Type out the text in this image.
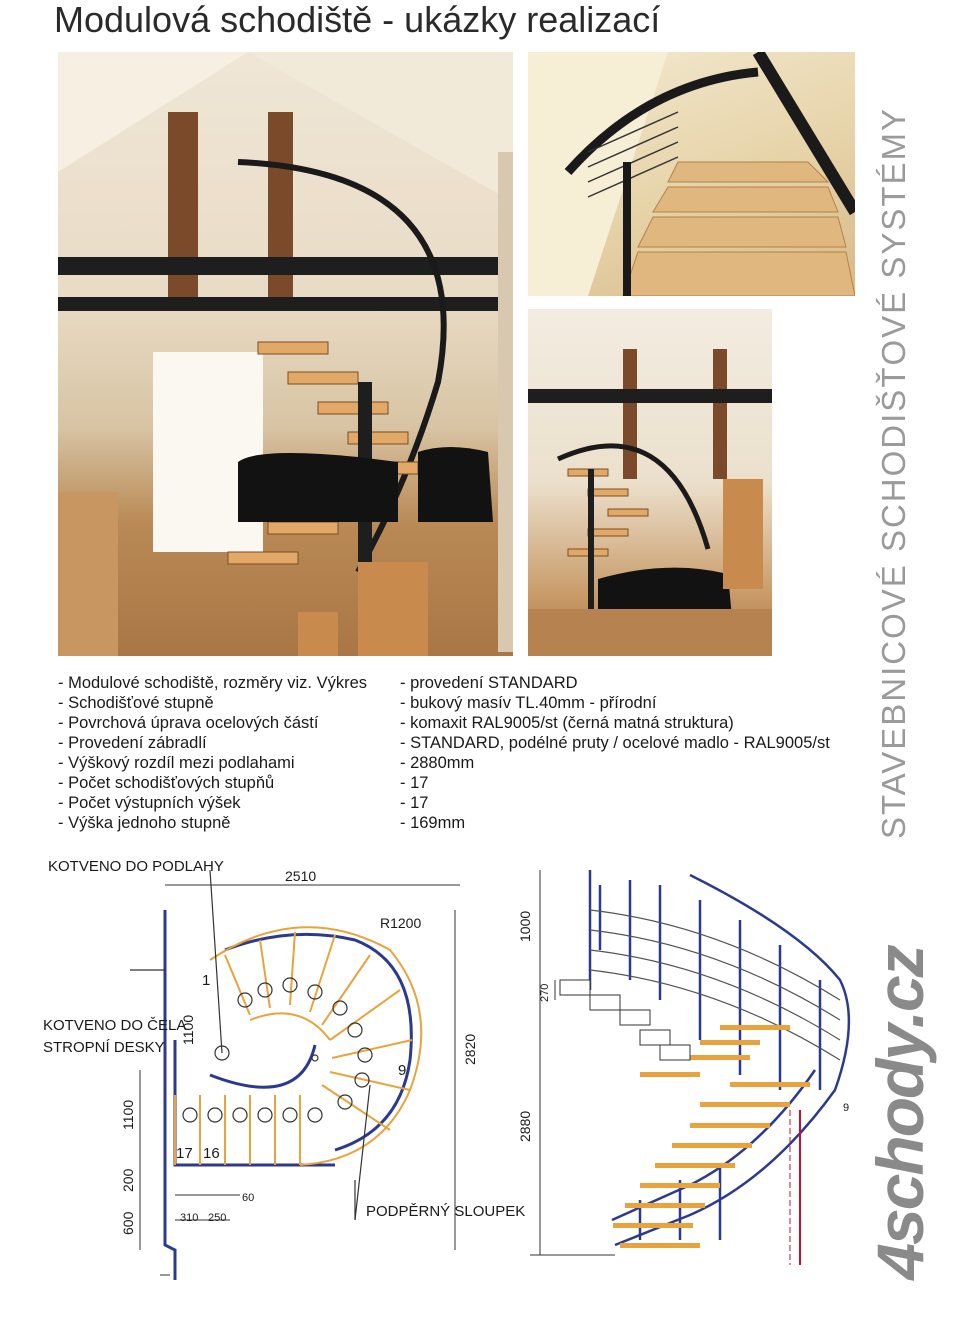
Modulová schodiště - ukázky realizací
STAVEBNICOVÉ SCHODIŠŤOVÉ SYSTÉMY
4schody.cz
- Modulové schodiště, rozměry viz. Výkres - provedení STANDARD
- Schodišťové stupně	- bukový masív TL.40mm - přírodní
- Povrchová úprava ocelových částí	- komaxit RAL9005/st (černá matná struktura)
- Provedení zábradlí	- STANDARD, podélné pruty / ocelové madlo - RAL9005/st
- Výškový rozdíl mezi podlahami	- 2880mm
- Počet schodišťových stupňů	- 17
- Počet výstupních výšek	- 17
- Výška jednoho stupně	- 169mm
KOTVENO DO PODLAHY
KOTVENO DO ČELA
STROPNÍ DESKY
PODPĚRNÝ SLOUPEK
2510
R1200
2820
1100
1100
200
600	310 250
60
1
9
17 16
1000
270
2880
9
